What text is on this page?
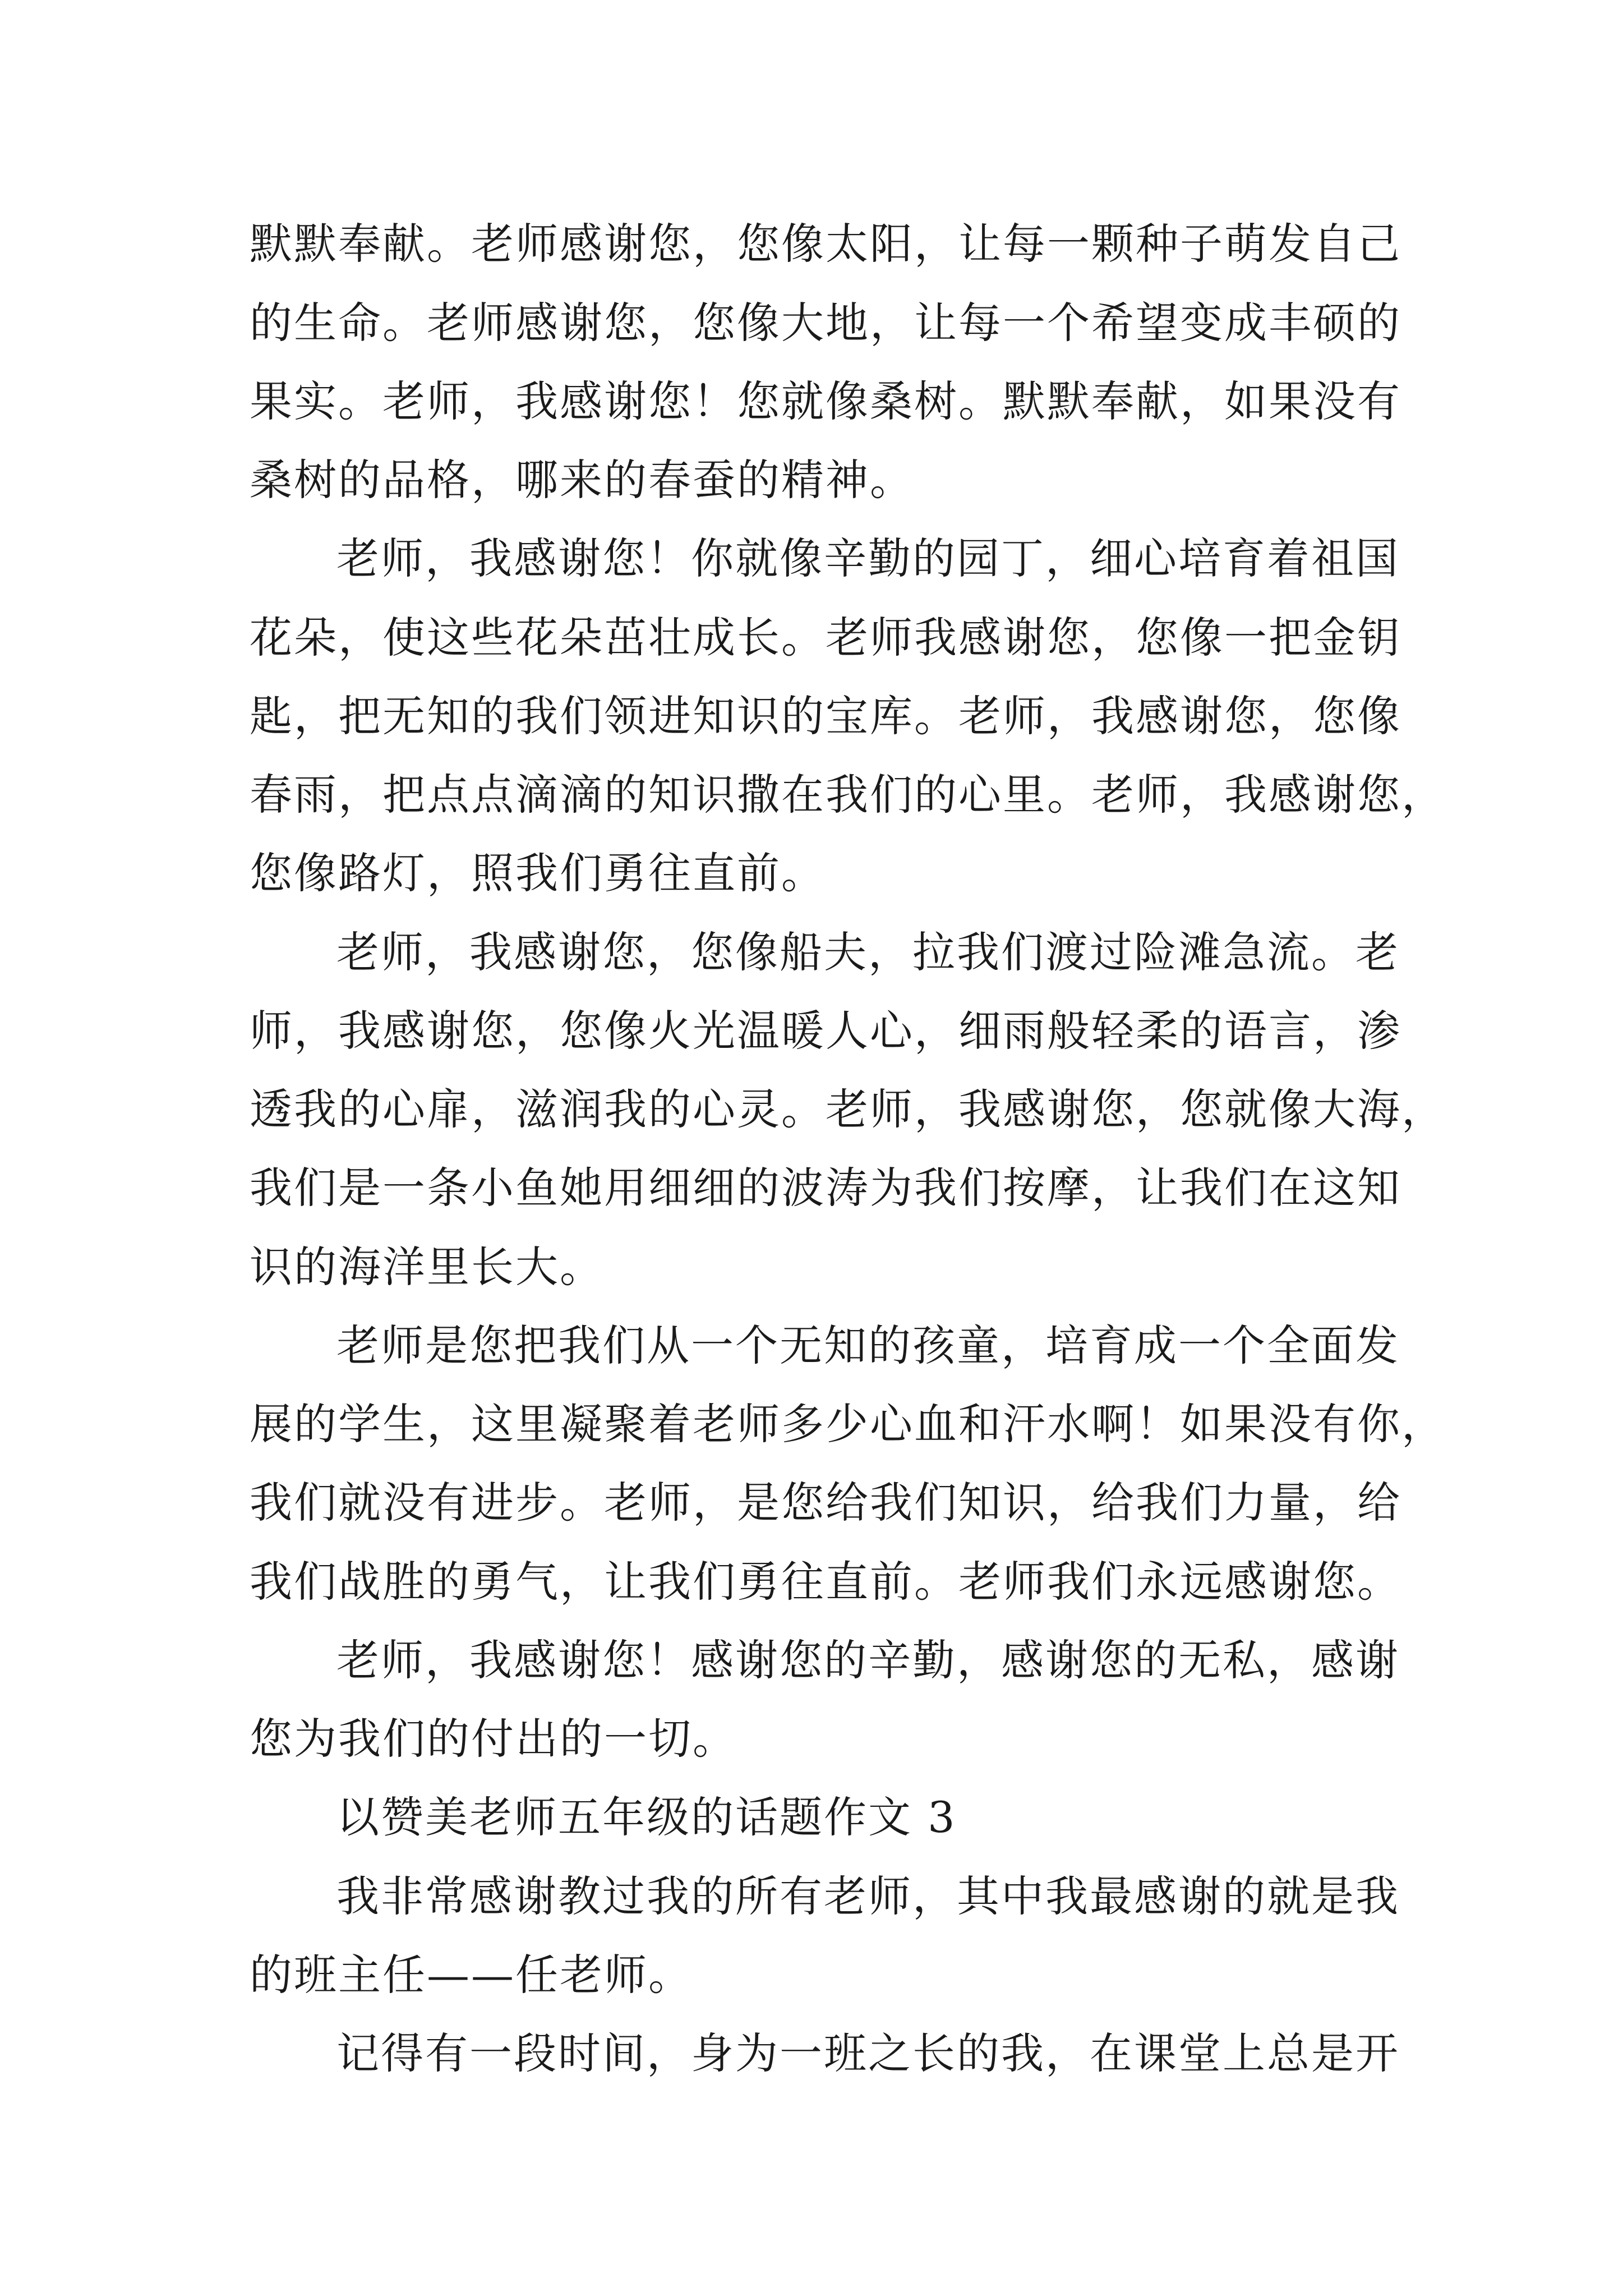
默默奉献。老师感谢您，您像太阳，让每一颗种子萌发自己
的生命。老师感谢您，您像大地，让每一个希望变成丰硕的
果实。老师，我感谢您！您就像桑树。默默奉献，如果没有
桑树的品格，哪来的春蚕的精神。
老师，我感谢您！你就像辛勤的园丁，细心培育着祖国
花朵，使这些花朵茁壮成长。老师我感谢您，您像一把金钥
匙，把无知的我们领进知识的宝库。老师，我感谢您，您像
春雨，把点点滴滴的知识撒在我们的心里。老师，我感谢您，
您像路灯，照我们勇往直前。
老师，我感谢您，您像船夫，拉我们渡过险滩急流。老
师，我感谢您，您像火光温暖人心，细雨般轻柔的语言，渗
透我的心扉，滋润我的心灵。老师，我感谢您，您就像大海，
我们是一条小鱼她用细细的波涛为我们按摩，让我们在这知
识的海洋里长大。
老师是您把我们从一个无知的孩童，培育成一个全面发
展的学生，这里凝聚着老师多少心血和汗水啊！如果没有你，
我们就没有进步。老师，是您给我们知识，给我们力量，给
我们战胜的勇气，让我们勇往直前。老师我们永远感谢您。
老师，我感谢您！感谢您的辛勤，感谢您的无私，感谢
您为我们的付出的一切。
以赞美老师五年级的话题作文 3
我非常感谢教过我的所有老师，其中我最感谢的就是我
的班主任——任老师。
记得有一段时间，身为一班之长的我，在课堂上总是开
